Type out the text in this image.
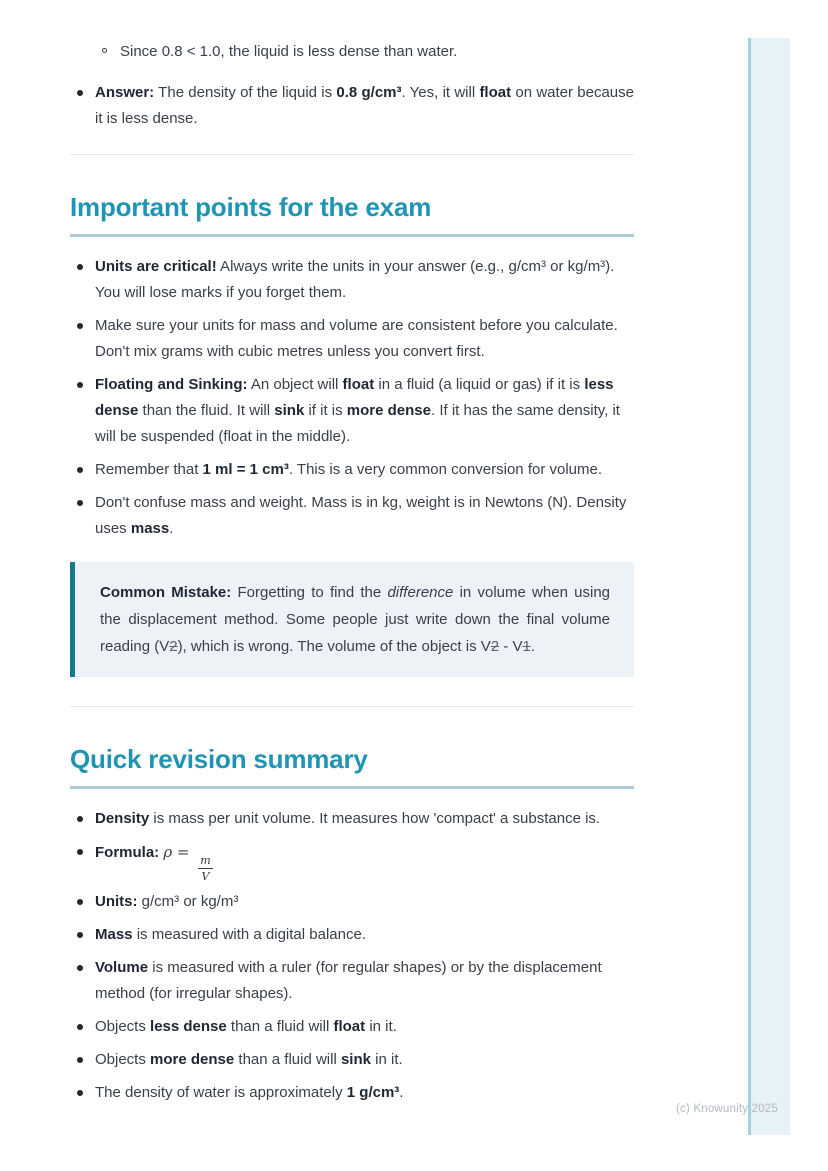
(c) Knowunity 2025
Since 0.8 < 1.0, the liquid is less dense than water.
Answer: The density of the liquid is 0.8 g/cm³. Yes, it will float on water because it is less dense.
Important points for the exam
Units are critical! Always write the units in your answer (e.g., g/cm³ or kg/m³). You will lose marks if you forget them.
Make sure your units for mass and volume are consistent before you calculate. Don't mix grams with cubic metres unless you convert first.
Floating and Sinking: An object will float in a fluid (a liquid or gas) if it is less dense than the fluid. It will sink if it is more dense. If it has the same density, it will be suspended (float in the middle).
Remember that 1 ml = 1 cm³. This is a very common conversion for volume.
Don't confuse mass and weight. Mass is in kg, weight is in Newtons (N). Density uses mass.

Common Mistake: Forgetting to find the difference in volume when using the displacement method. Some people just write down the final volume reading (V2), which is wrong. The volume of the object is V2 - V1.

Quick revision summary
Density is mass per unit volume. It measures how 'compact' a substance is.
Formula: ρ =
$\frac{m}{V}$
Units: g/cm³ or kg/m³
Mass is measured with a digital balance.
Volume is measured with a ruler (for regular shapes) or by the displacement method (for irregular shapes).
Objects less dense than a fluid will float in it.
Objects more dense than a fluid will sink in it.
The density of water is approximately 1 g/cm³.
